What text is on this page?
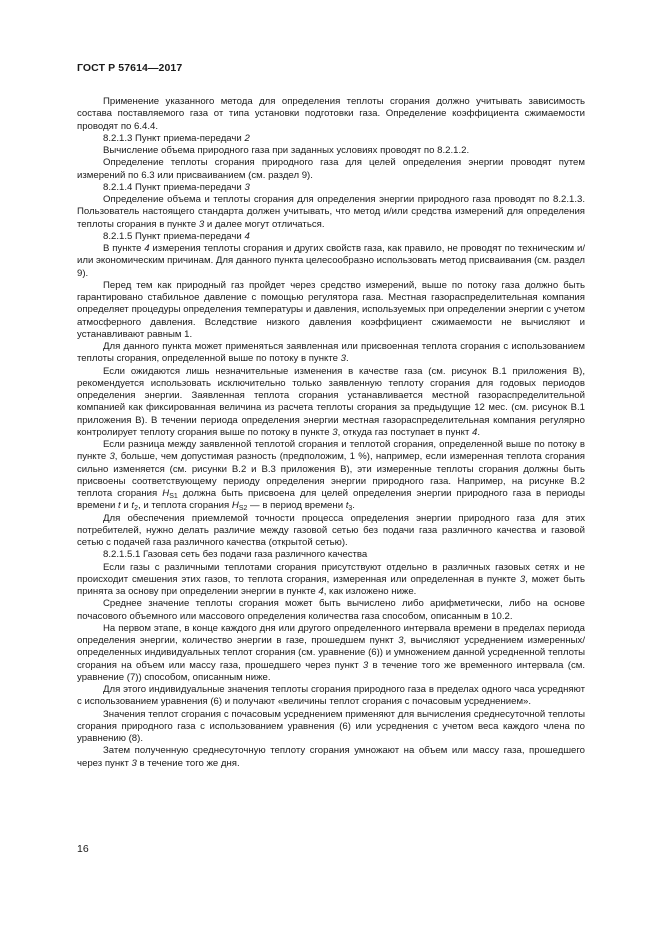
ГОСТ Р 57614—2017

Применение указанного метода для определения теплоты сгорания должно учитывать зависимость состава поставляемого газа от типа установки подготовки газа. Определение коэффициента сжимаемости проводят по 6.4.4.

8.2.1.3 Пункт приема-передачи 2

Вычисление объема природного газа при заданных условиях проводят по 8.2.1.2.

Определение теплоты сгорания природного газа для целей определения энергии проводят путем измерений по 6.3 или присваиванием (см. раздел 9).

8.2.1.4 Пункт приема-передачи 3

Определение объема и теплоты сгорания для определения энергии природного газа проводят по 8.2.1.3. Пользователь настоящего стандарта должен учитывать, что метод и/или средства измерений для определения теплоты сгорания в пункте 3 и далее могут отличаться.

8.2.1.5 Пункт приема-передачи 4

В пункте 4 измерения теплоты сгорания и других свойств газа, как правило, не проводят по техническим и/или экономическим причинам. Для данного пункта целесообразно использовать метод присваивания (см. раздел 9).

Перед тем как природный газ пройдет через средство измерений, выше по потоку газа должно быть гарантировано стабильное давление с помощью регулятора газа. Местная газораспределительная компания определяет процедуры определения температуры и давления, используемых при определении энергии с учетом атмосферного давления. Вследствие низкого давления коэффициент сжимаемости не вычисляют и устанавливают равным 1.

Для данного пункта может применяться заявленная или присвоенная теплота сгорания с использованием теплоты сгорания, определенной выше по потоку в пункте 3.

Если ожидаются лишь незначительные изменения в качестве газа (см. рисунок В.1 приложения В), рекомендуется использовать исключительно только заявленную теплоту сгорания для годовых периодов определения энергии. Заявленная теплота сгорания устанавливается местной газораспределительной компанией как фиксированная величина из расчета теплоты сгорания за предыдущие 12 мес. (см. рисунок В.1 приложения В). В течении периода определения энергии местная газораспределительная компания регулярно контролирует теплоту сгорания выше по потоку в пункте 3, откуда газ поступает в пункт 4.

Если разница между заявленной теплотой сгорания и теплотой сгорания, определенной выше по потоку в пункте 3, больше, чем допустимая разность (предположим, 1 %), например, если измеренная теплота сгорания сильно изменяется (см. рисунки В.2 и В.3 приложения В), эти измеренные теплоты сгорания должны быть присвоены соответствующему периоду определения энергии природного газа. Например, на рисунке В.2 теплота сгорания $H_{S1}$ должна быть присвоена для целей определения энергии природного газа в периоды времени t и $t_2$, и теплота сгорания $H_{S2}$ — в период времени $t_3$.

Для обеспечения приемлемой точности процесса определения энергии природного газа для этих потребителей, нужно делать различие между газовой сетью без подачи газа различного качества и газовой сетью с подачей газа различного качества (открытой сетью).

8.2.1.5.1 Газовая сеть без подачи газа различного качества

Если газы с различными теплотами сгорания присутствуют отдельно в различных газовых сетях и не происходит смешения этих газов, то теплота сгорания, измеренная или определенная в пункте 3, может быть принята за основу при определении энергии в пункте 4, как изложено ниже.

Среднее значение теплоты сгорания может быть вычислено либо арифметически, либо на основе почасового объемного или массового определения количества газа способом, описанным в 10.2.

На первом этапе, в конце каждого дня или другого определенного интервала времени в пределах периода определения энергии, количество энергии в газе, прошедшем пункт 3, вычисляют усреднением измеренных/определенных индивидуальных теплот сгорания (см. уравнение (6)) и умножением данной усредненной теплоты сгорания на объем или массу газа, прошедшего через пункт 3 в течение того же временного интервала (см. уравнение (7)) способом, описанным ниже.

Для этого индивидуальные значения теплоты сгорания природного газа в пределах одного часа усредняют с использованием уравнения (6) и получают «величины теплот сгорания с почасовым усреднением».

Значения теплот сгорания с почасовым усреднением применяют для вычисления среднесуточной теплоты сгорания природного газа с использованием уравнения (6) или усреднения с учетом веса каждого члена по уравнению (8).

Затем полученную среднесуточную теплоту сгорания умножают на объем или массу газа, прошедшего через пункт 3 в течение того же дня.

16
